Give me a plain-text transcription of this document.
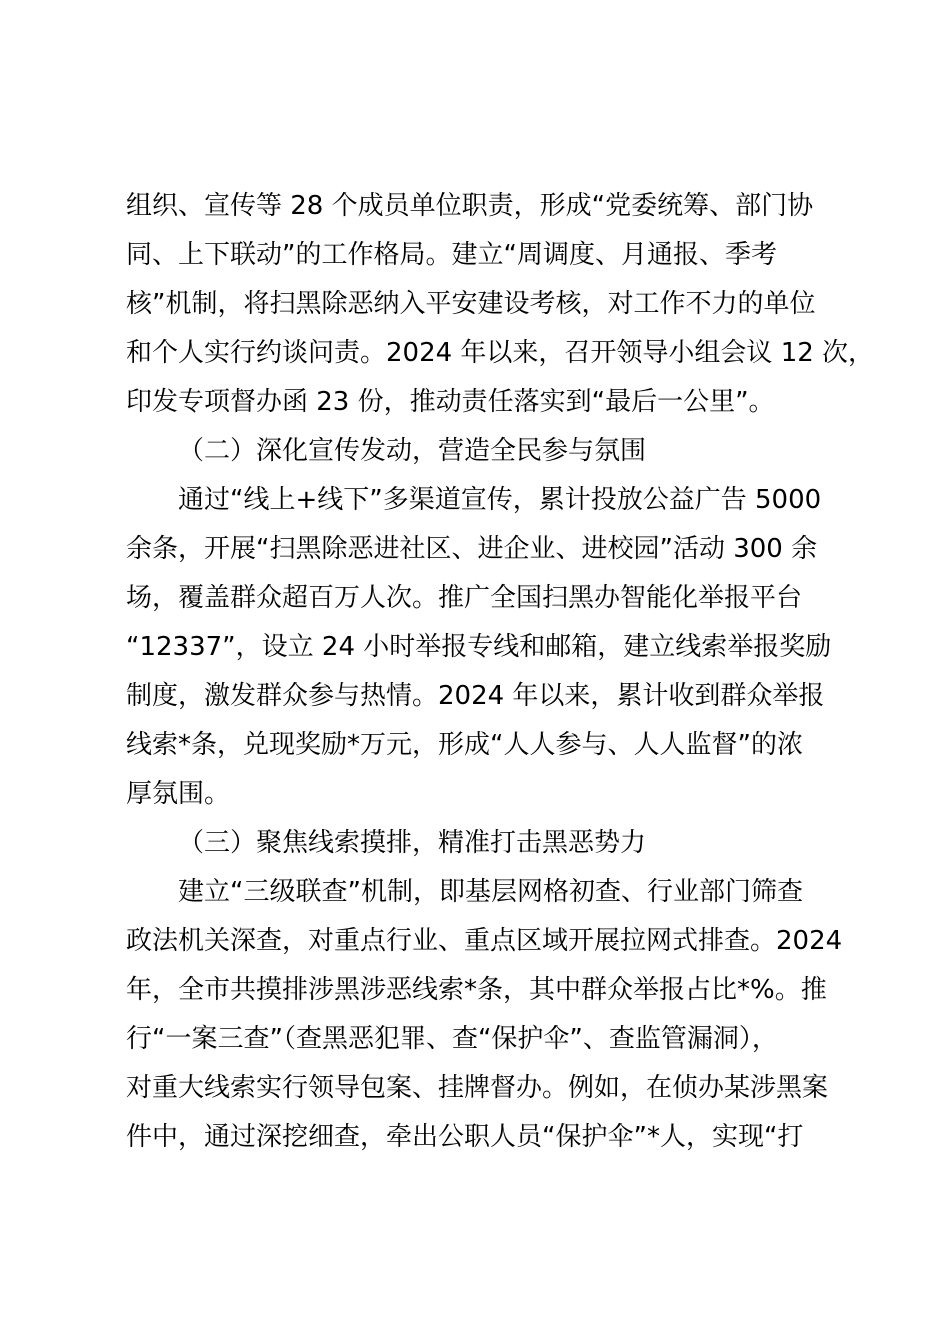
组织、宣传等 28 个成员单位职责，形成“党委统筹、部门协
同、上下联动”的工作格局。建立“周调度、月通报、季考
核”机制，将扫黑除恶纳入平安建设考核，对工作不力的单位
和个人实行约谈问责。2024 年以来，召开领导小组会议 12 次，
印发专项督办函 23 份，推动责任落实到“最后一公里”。
（二）深化宣传发动，营造全民参与氛围
通过“线上+线下”多渠道宣传，累计投放公益广告 5000
余条，开展“扫黑除恶进社区、进企业、进校园”活动 300 余
场，覆盖群众超百万人次。推广全国扫黑办智能化举报平台
“12337”，设立 24 小时举报专线和邮箱，建立线索举报奖励
制度，激发群众参与热情。2024 年以来，累计收到群众举报
线索*条，兑现奖励*万元，形成“人人参与、人人监督”的浓
厚氛围。
（三）聚焦线索摸排，精准打击黑恶势力
建立“三级联查”机制，即基层网格初查、行业部门筛查
政法机关深查，对重点行业、重点区域开展拉网式排查。2024
年，全市共摸排涉黑涉恶线索*条，其中群众举报占比*%。推
行“一案三查”（查黑恶犯罪、查“保护伞”、查监管漏洞），
对重大线索实行领导包案、挂牌督办。例如，在侦办某涉黑案
件中，通过深挖细查，牵出公职人员“保护伞”*人，实现“打
